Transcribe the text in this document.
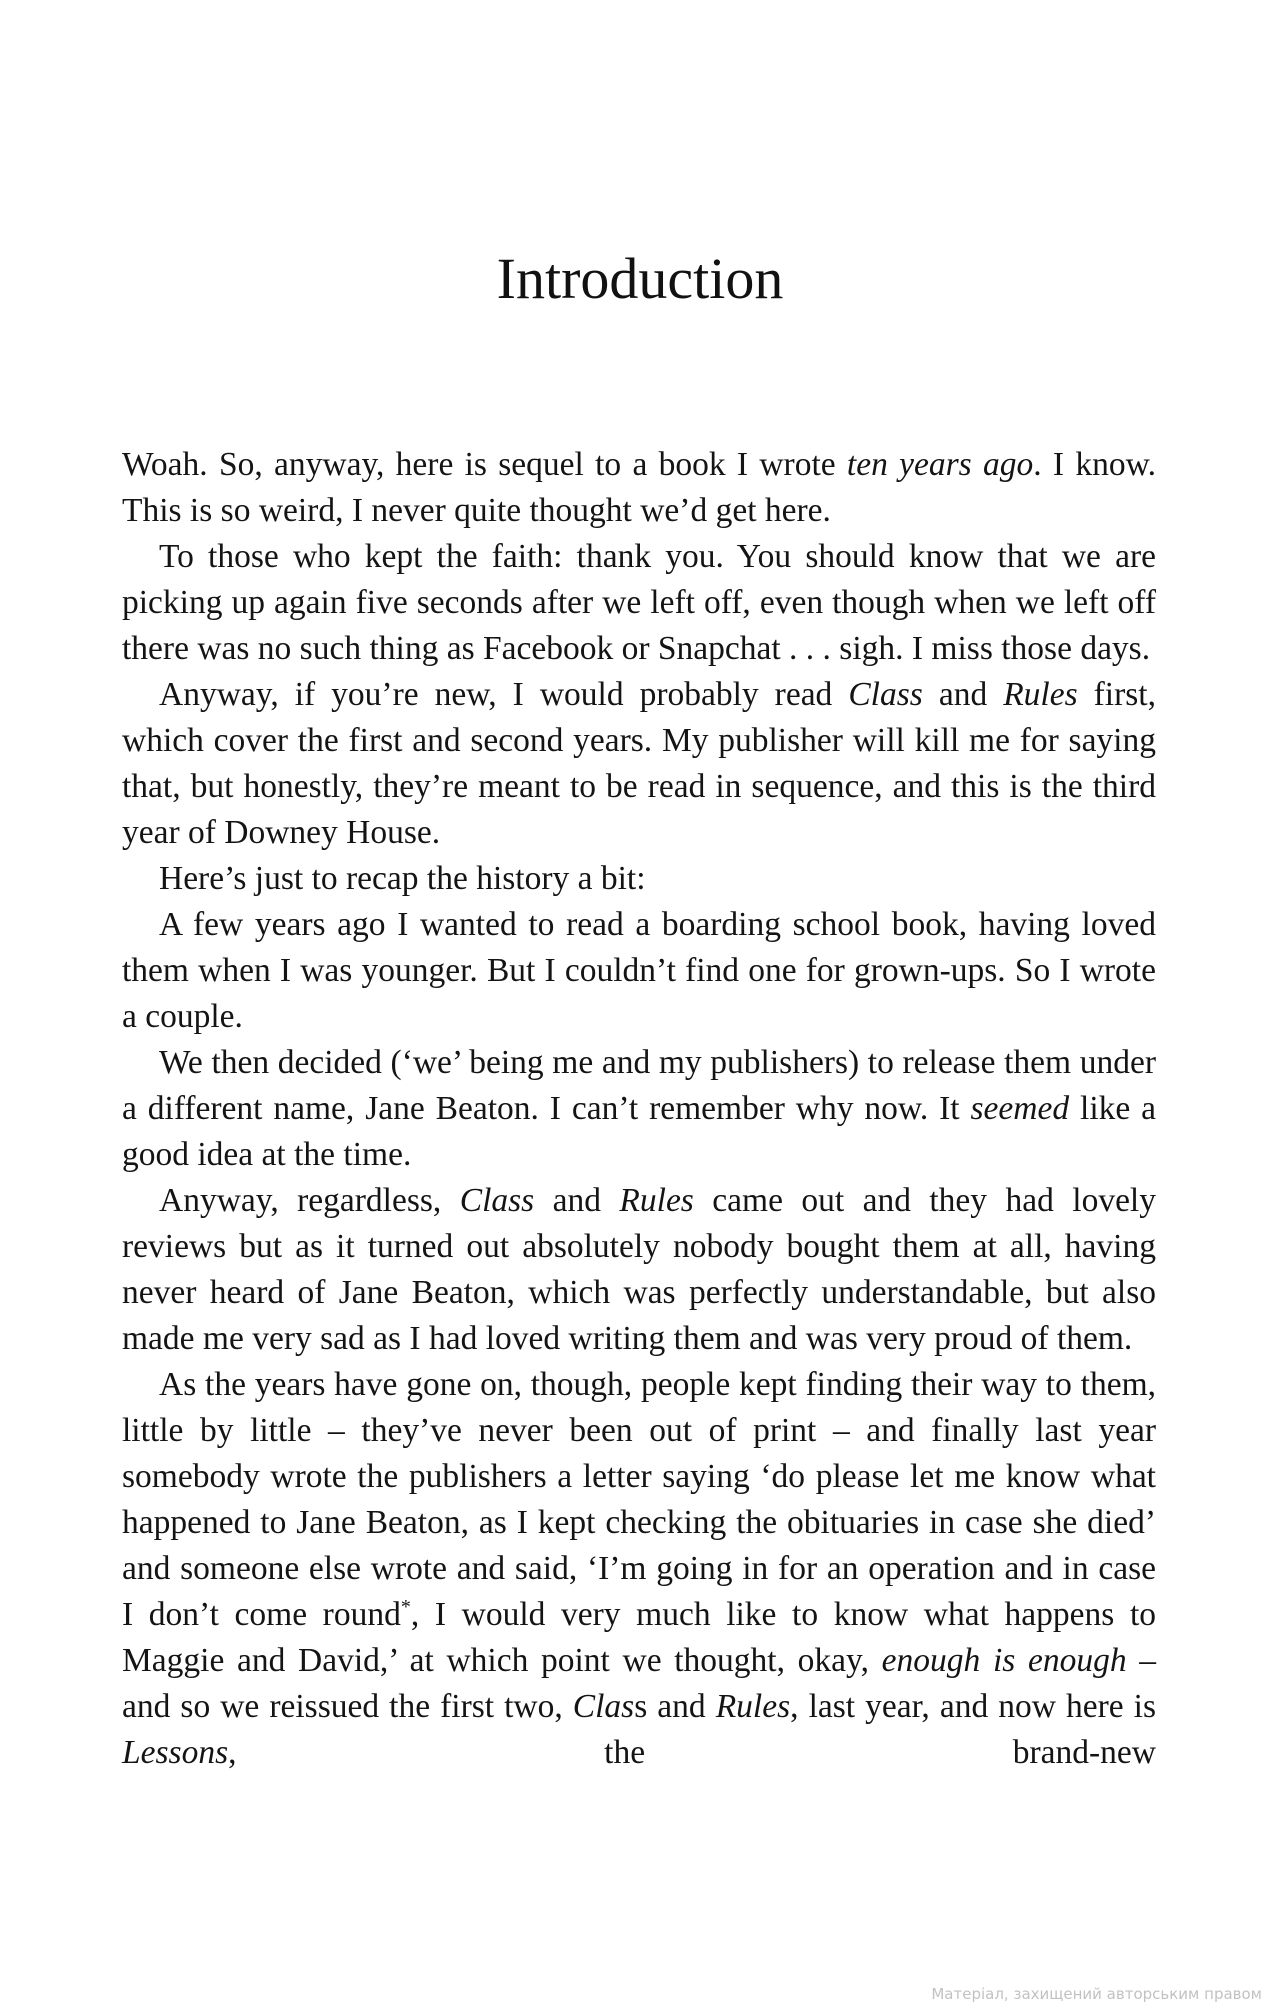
Introduction

Woah. So, anyway, here is sequel to a book I wrote ten years ago. I know. This is so weird, I never quite thought we’d get here.

To those who kept the faith: thank you. You should know that we are picking up again five seconds after we left off, even though when we left off there was no such thing as Facebook or Snapchat . . . sigh. I miss those days.

Anyway, if you’re new, I would probably read Class and Rules first, which cover the first and second years. My publisher will kill me for saying that, but honestly, they’re meant to be read in sequence, and this is the third year of Downey House.

Here’s just to recap the history a bit:

A few years ago I wanted to read a boarding school book, having loved them when I was younger. But I couldn’t find one for grown-ups. So I wrote a couple.

We then decided (‘we’ being me and my publishers) to release them under a different name, Jane Beaton. I can’t remember why now. It seemed like a good idea at the time.

Anyway, regardless, Class and Rules came out and they had lovely reviews but as it turned out absolutely nobody bought them at all, having never heard of Jane Beaton, which was perfectly understandable, but also made me very sad as I had loved writing them and was very proud of them.

As the years have gone on, though, people kept finding their way to them, little by little – they’ve never been out of print – and finally last year somebody wrote the publishers a letter saying ‘do please let me know what happened to Jane Beaton, as I kept checking the obituaries in case she died’ and someone else wrote and said, ‘I’m going in for an operation and in case I don’t come round*, I would very much like to know what happens to Maggie and David,’ at which point we thought, okay, enough is enough – and so we reissued the first two, Class and Rules, last year, and now here is Lessons, the brand-new

Матеріал, захищений авторським правом
